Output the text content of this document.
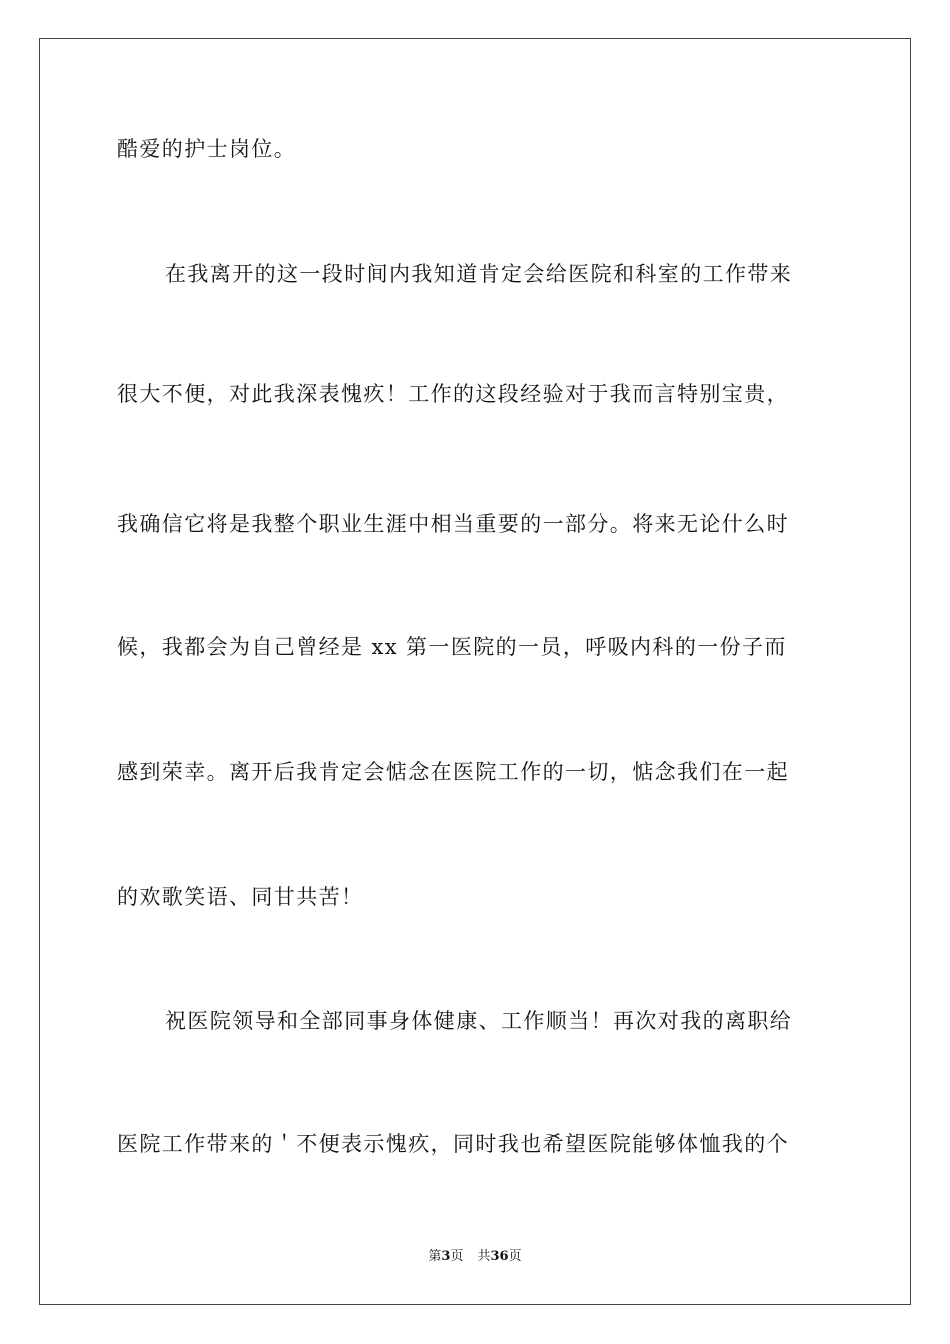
酷爱的护士岗位。
在我离开的这一段时间内我知道肯定会给医院和科室的工作带来
很大不便，对此我深表愧疚！工作的这段经验对于我而言特别宝贵，
我确信它将是我整个职业生涯中相当重要的一部分。将来无论什么时
候，我都会为自己曾经是 xx 第一医院的一员，呼吸内科的一份子而
感到荣幸。离开后我肯定会惦念在医院工作的一切，惦念我们在一起
的欢歌笑语、同甘共苦！
祝医院领导和全部同事身体健康、工作顺当！再次对我的离职给
医院工作带来的＇不便表示愧疚，同时我也希望医院能够体恤我的个
第3页 共36页
